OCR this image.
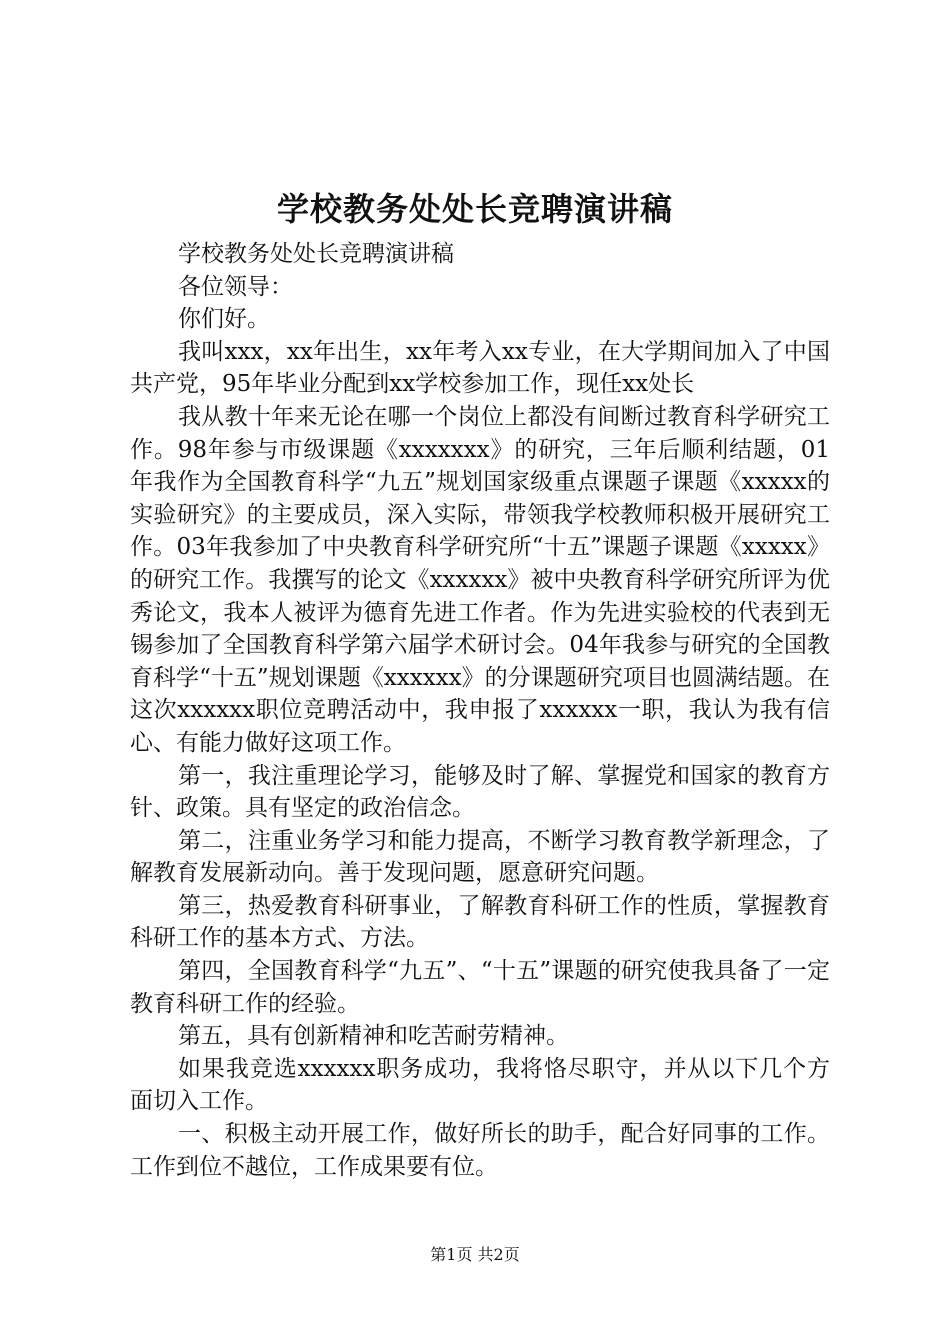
学校教务处处长竞聘演讲稿

学校教务处处长竞聘演讲稿

各位领导：

你们好。

我叫xxx，xx年出生，xx年考入xx专业，在大学期间加入了中国共产党，95年毕业分配到xx学校参加工作，现任xx处长

我从教十年来无论在哪一个岗位上都没有间断过教育科学研究工作。98年参与市级课题《xxxxxxx》的研究，三年后顺利结题，01年我作为全国教育科学“九五”规划国家级重点课题子课题《xxxxx的实验研究》的主要成员，深入实际，带领我学校教师积极开展研究工作。03年我参加了中央教育科学研究所“十五”课题子课题《xxxxx》的研究工作。我撰写的论文《xxxxxx》被中央教育科学研究所评为优秀论文，我本人被评为德育先进工作者。作为先进实验校的代表到无锡参加了全国教育科学第六届学术研讨会。04年我参与研究的全国教育科学“十五”规划课题《xxxxxx》的分课题研究项目也圆满结题。在这次xxxxxx职位竞聘活动中，我申报了xxxxxx一职，我认为我有信心、有能力做好这项工作。

第一，我注重理论学习，能够及时了解、掌握党和国家的教育方针、政策。具有坚定的政治信念。

第二，注重业务学习和能力提高，不断学习教育教学新理念，了解教育发展新动向。善于发现问题，愿意研究问题。

第三，热爱教育科研事业，了解教育科研工作的性质，掌握教育科研工作的基本方式、方法。

第四，全国教育科学“九五”、“十五”课题的研究使我具备了一定教育科研工作的经验。

第五，具有创新精神和吃苦耐劳精神。

如果我竞选xxxxxx职务成功，我将恪尽职守，并从以下几个方面切入工作。

一、积极主动开展工作，做好所长的助手，配合好同事的工作。工作到位不越位，工作成果要有位。

第1页 共2页
